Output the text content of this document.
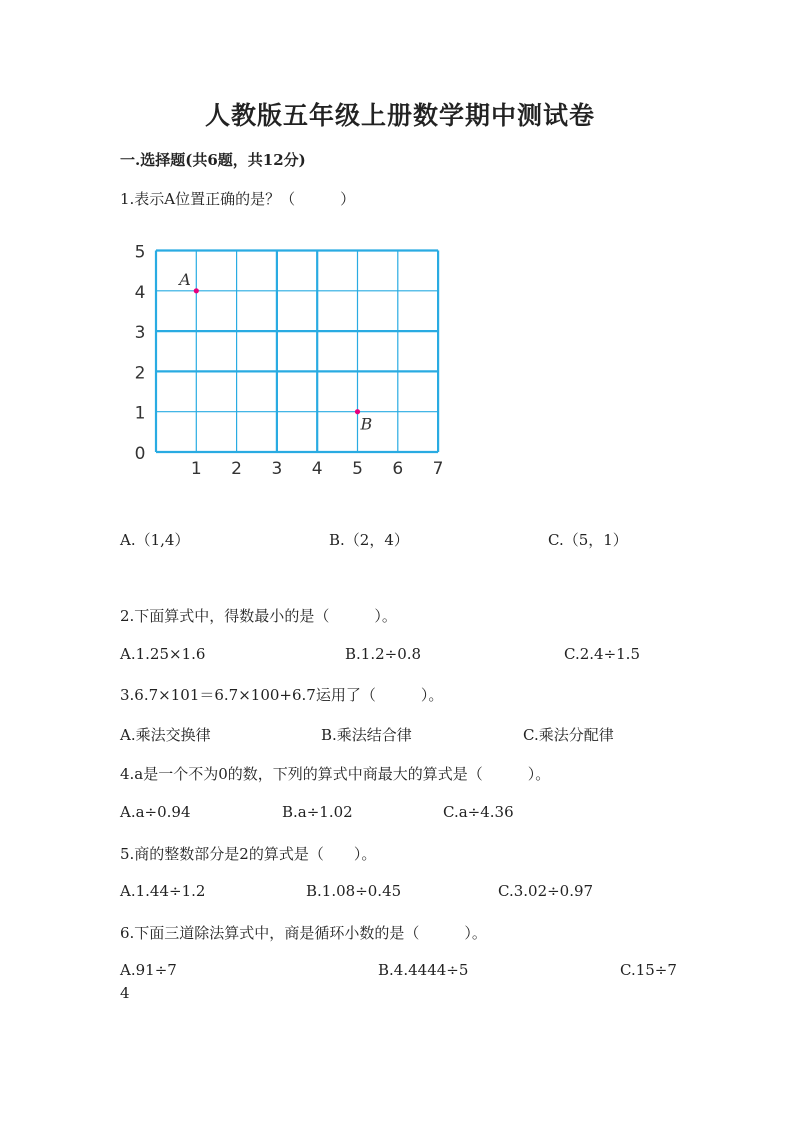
人教版五年级上册数学期中测试卷
一.选择题(共6题，共12分)
1.表示A位置正确的是？（　　　）
1 2 3 4 5 6 7
0
1
2
3
4
5
A
B
A.（1,4）	B.（2，4）	C.（5，1）
2.下面算式中，得数最小的是（　　　）。
A.1.25×1.6	B.1.2÷0.8	C.2.4÷1.5
3.6.7×101＝6.7×100+6.7运用了（　　　）。
A.乘法交换律	B.乘法结合律	C.乘法分配律
4.a是一个不为0的数，下列的算式中商最大的算式是（　　　）。
A.a÷0.94	B.a÷1.02	C.a÷4.36
5.商的整数部分是2的算式是（　　）。
A.1.44÷1.2	B.1.08÷0.45	C.3.02÷0.97
6.下面三道除法算式中，商是循环小数的是（　　　）。
A.91÷7	B.4.4444÷5	C.15÷7
4
